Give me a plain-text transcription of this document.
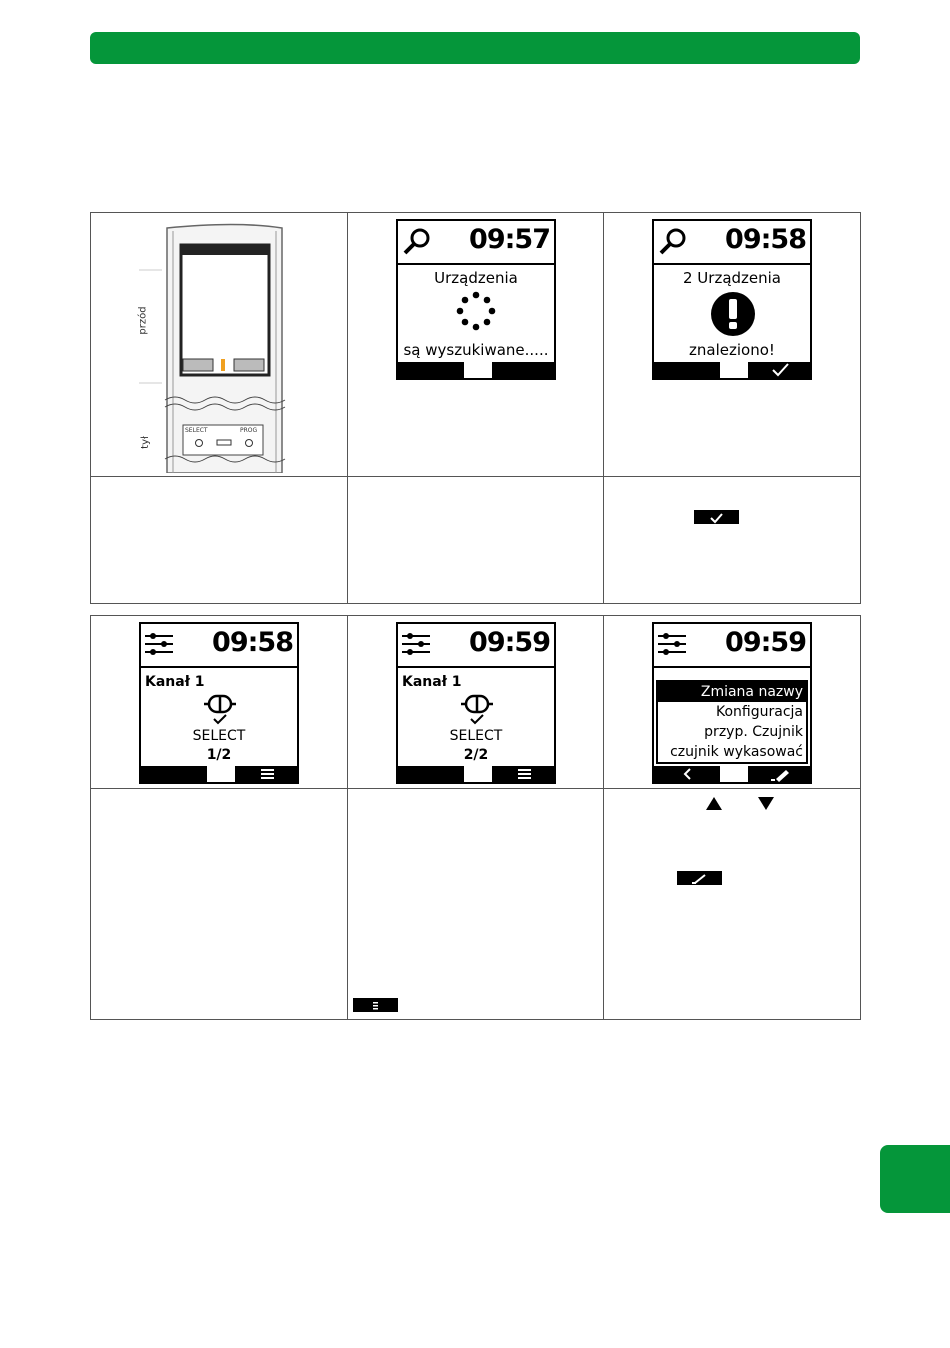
przód
tył
SELECT	PROG
09:57
Urządzenia
są wyszukiwane.....
09:58
2 Urządzenia
znaleziono!
09:58
Kanał 1
SELECT
1/2
09:59
Kanał 1
SELECT
2/2
09:59
Zmiana nazwy
Konfiguracja
przyp. Czujnik
czujnik wykasować
